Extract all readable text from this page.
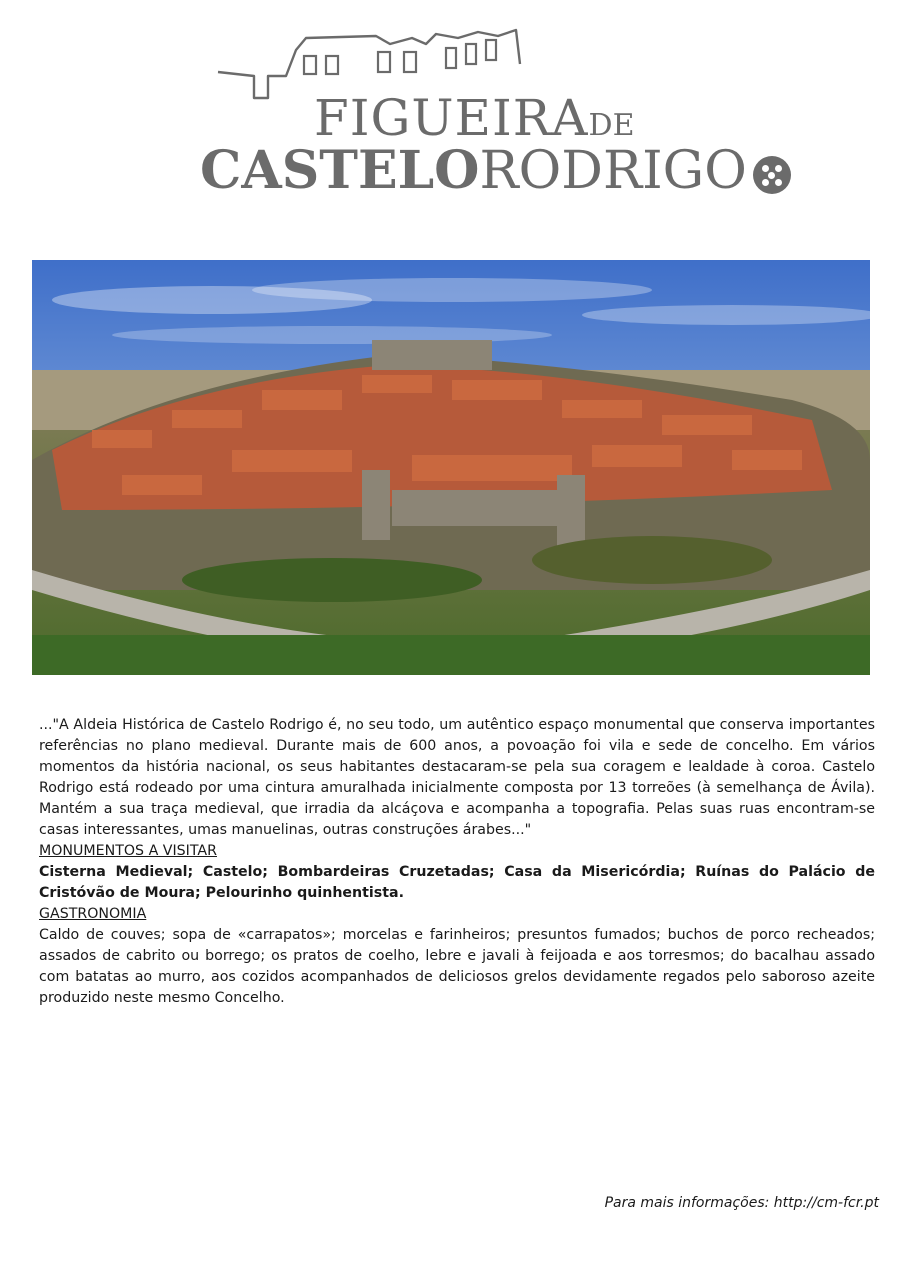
FIGUEIRADE
CASTELORODRIGO

..."A Aldeia Histórica de Castelo Rodrigo é, no seu todo, um autêntico espaço monumental que conserva importantes referências no plano medieval. Durante mais de 600 anos, a povoação foi vila e sede de concelho. Em vários momentos da história nacional, os seus habitantes destacaram-se pela sua coragem e lealdade à coroa. Castelo Rodrigo está rodeado por uma cintura amuralhada inicialmente composta por 13 torreões (à semelhança de Ávila). Mantém a sua traça medieval, que irradia da alcáçova e acompanha a topografia. Pelas suas ruas encontram-se casas interessantes, umas manuelinas, outras construções árabes..."

MONUMENTOS A VISITAR

Cisterna Medieval; Castelo; Bombardeiras Cruzetadas; Casa da Misericórdia; Ruínas do Palácio de Cristóvão de Moura; Pelourinho quinhentista.

GASTRONOMIA

Caldo de couves; sopa de «carrapatos»; morcelas e farinheiros; presuntos fumados; buchos de porco recheados; assados de cabrito ou borrego; os pratos de coelho, lebre e javali à feijoada e aos torresmos; do bacalhau assado com batatas ao murro, aos cozidos acompanhados de deliciosos grelos devidamente regados pelo saboroso azeite produzido neste mesmo Concelho.

Para mais informações: http://cm-fcr.pt
